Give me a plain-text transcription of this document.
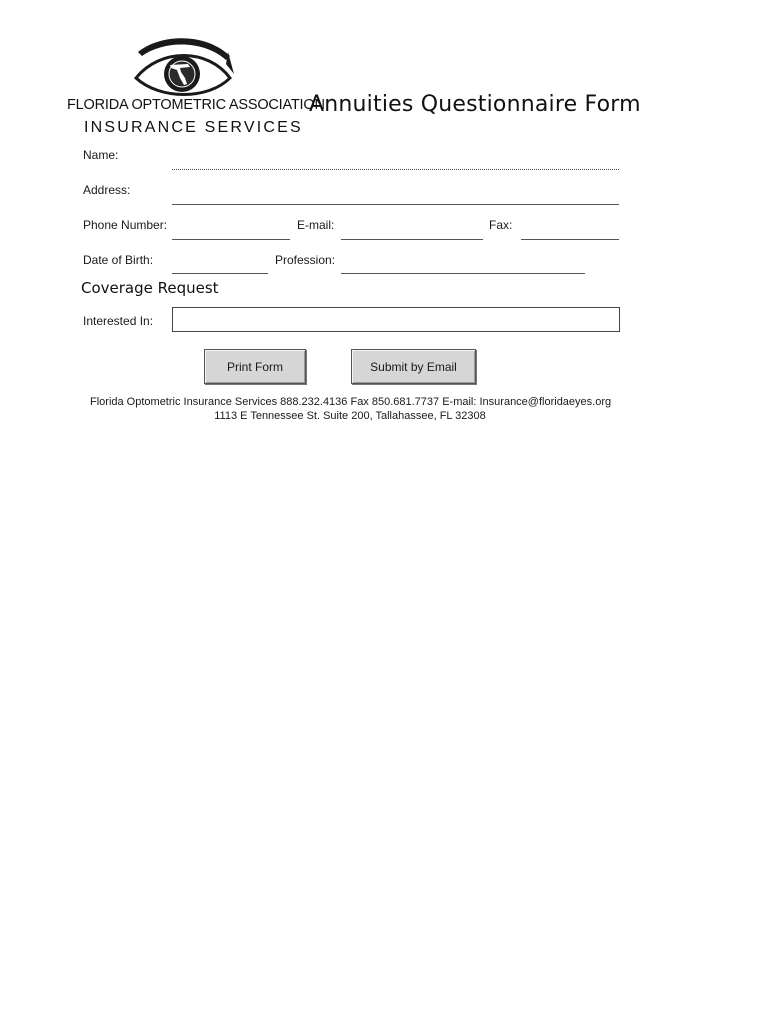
FLORIDA OPTOMETRIC ASSOCIATION
INSURANCE SERVICES
Annuities Questionnaire Form
Name:
Address:
Phone Number:	E-mail:	Fax:
Date of Birth:	Profession:
Coverage Request
Interested In:
Print Form	Submit by Email
Florida Optometric Insurance Services 888.232.4136 Fax 850.681.7737 E-mail: Insurance@floridaeyes.org
1113 E Tennessee St. Suite 200, Tallahassee, FL 32308
